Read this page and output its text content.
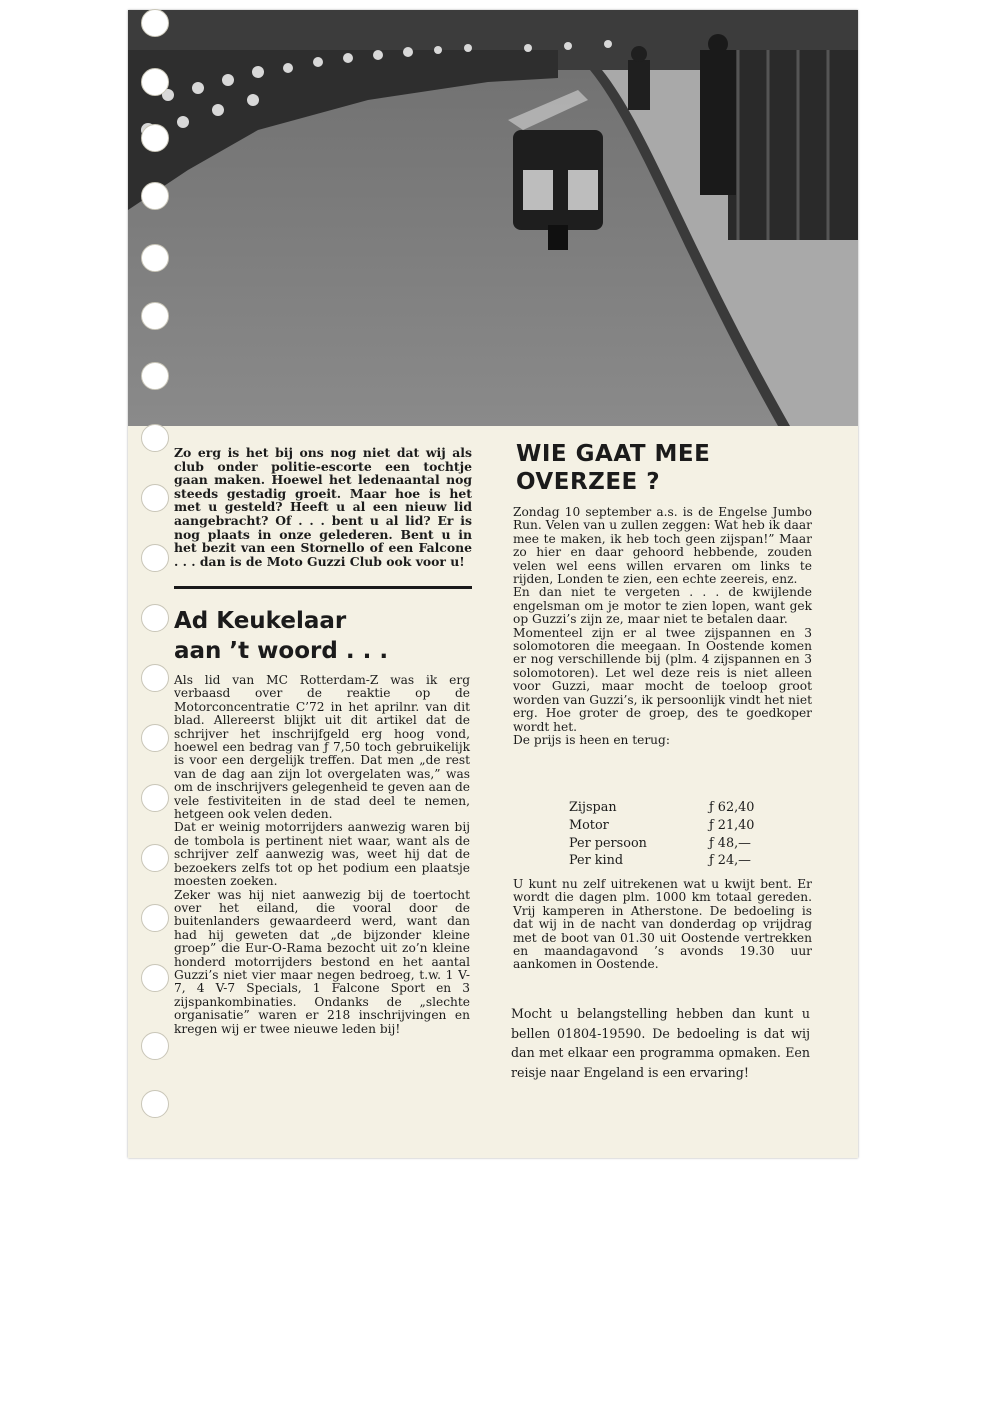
Zo erg is het bij ons nog niet dat wij als club onder politie-escorte een tochtje gaan maken. Hoewel het ledenaantal nog steeds gestadig groeit. Maar hoe is het met u gesteld? Heeft u al een nieuw lid aangebracht? Of . . . bent u al lid? Er is nog plaats in onze gelederen. Bent u in het bezit van een Stornello of een Falcone . . . dan is de Moto Guzzi Club ook voor u!
Ad Keukelaar
aan ’t woord . . .

Als lid van MC Rotterdam-Z was ik erg verbaasd over de reaktie op de Motorconcentratie C’72 in het aprilnr. van dit blad. Allereerst blijkt uit dit artikel dat de schrijver het inschrijfgeld erg hoog vond, hoewel een bedrag van ƒ 7,50 toch gebruikelijk is voor een dergelijk treffen. Dat men „de rest van de dag aan zijn lot overgelaten was,” was om de inschrijvers gelegenheid te geven aan de vele festiviteiten in de stad deel te nemen, hetgeen ook velen deden.

Dat er weinig motorrijders aanwezig waren bij de tombola is pertinent niet waar, want als de schrijver zelf aanwezig was, weet hij dat de bezoekers zelfs tot op het podium een plaatsje moesten zoeken.

Zeker was hij niet aanwezig bij de toertocht over het eiland, die vooral door de buitenlanders gewaardeerd werd, want dan had hij geweten dat „de bijzonder kleine groep” die Eur-O-Rama bezocht uit zo’n kleine honderd motorrijders bestond en het aantal Guzzi’s niet vier maar negen bedroeg, t.w. 1 V-7, 4 V-7 Specials, 1 Falcone Sport en 3 zijspankombinaties. Ondanks de „slechte organisatie” waren er 218 inschrijvingen en kregen wij er twee nieuwe leden bij!

WIE GAAT MEE
OVERZEE ?

Zondag 10 september a.s. is de Engelse Jumbo Run. Velen van u zullen zeggen: Wat heb ik daar mee te maken, ik heb toch geen zijspan!” Maar zo hier en daar gehoord hebbende, zouden velen wel eens willen ervaren om links te rijden, Londen te zien, een echte zeereis, enz.

En dan niet te vergeten . . . de kwijlende engelsman om je motor te zien lopen, want gek op Guzzi’s zijn ze, maar niet te betalen daar.

Momenteel zijn er al twee zijspannen en 3 solomotoren die meegaan. In Oostende komen er nog verschillende bij (plm. 4 zijspannen en 3 solomotoren). Let wel deze reis is niet alleen voor Guzzi, maar mocht de toeloop groot worden van Guzzi’s, ik persoonlijk vindt het niet erg. Hoe groter de groep, des te goedkoper wordt het.

De prijs is heen en terug:

Zijspan	ƒ 62,40
Motor	ƒ 21,40
Per persoon	ƒ 48,—
Per kind	ƒ 24,—
U kunt nu zelf uitrekenen wat u kwijt bent. Er wordt die dagen plm. 1000 km totaal gereden. Vrij kamperen in Atherstone. De bedoeling is dat wij in de nacht van donderdag op vrijdrag met de boot van 01.30 uit Oostende vertrekken en maandagavond ’s avonds 19.30 uur aankomen in Oostende.
Mocht u belangstelling hebben dan kunt u bellen 01804-19590. De bedoeling is dat wij dan met elkaar een programma opmaken. Een reisje naar Engeland is een ervaring!
